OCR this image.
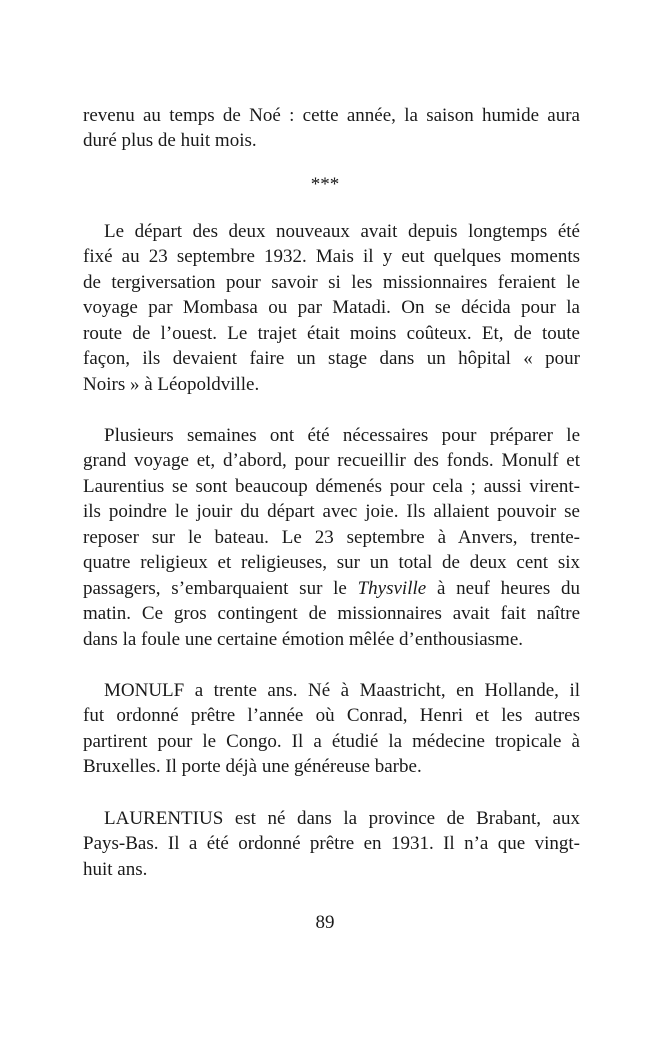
revenu au temps de Noé : cette année, la saison humide aura
duré plus de huit mois.
Le départ des deux nouveaux avait depuis longtemps été
fixé au 23 septembre 1932. Mais il y eut quelques moments
de tergiversation pour savoir si les missionnaires feraient le
voyage par Mombasa ou par Matadi. On se décida pour la
route de l’ouest. Le trajet était moins coûteux. Et, de toute
façon, ils devaient faire un stage dans un hôpital « pour
Noirs » à Léopoldville.
Plusieurs semaines ont été nécessaires pour préparer le
grand voyage et, d’abord, pour recueillir des fonds. Monulf et
Laurentius se sont beaucoup démenés pour cela ; aussi virent-
ils poindre le jouir du départ avec joie. Ils allaient pouvoir se
reposer sur le bateau. Le 23 septembre à Anvers, trente-
quatre religieux et religieuses, sur un total de deux cent six
passagers, s’embarquaient sur le Thysville à neuf heures du
matin. Ce gros contingent de missionnaires avait fait naître
dans la foule une certaine émotion mêlée d’enthousiasme.
MONULF a trente ans. Né à Maastricht, en Hollande, il
fut ordonné prêtre l’année où Conrad, Henri et les autres
partirent pour le Congo. Il a étudié la médecine tropicale à
Bruxelles. Il porte déjà une généreuse barbe.
LAURENTIUS est né dans la province de Brabant, aux
Pays-Bas. Il a été ordonné prêtre en 1931. Il n’a que vingt-
huit ans.
***
89
